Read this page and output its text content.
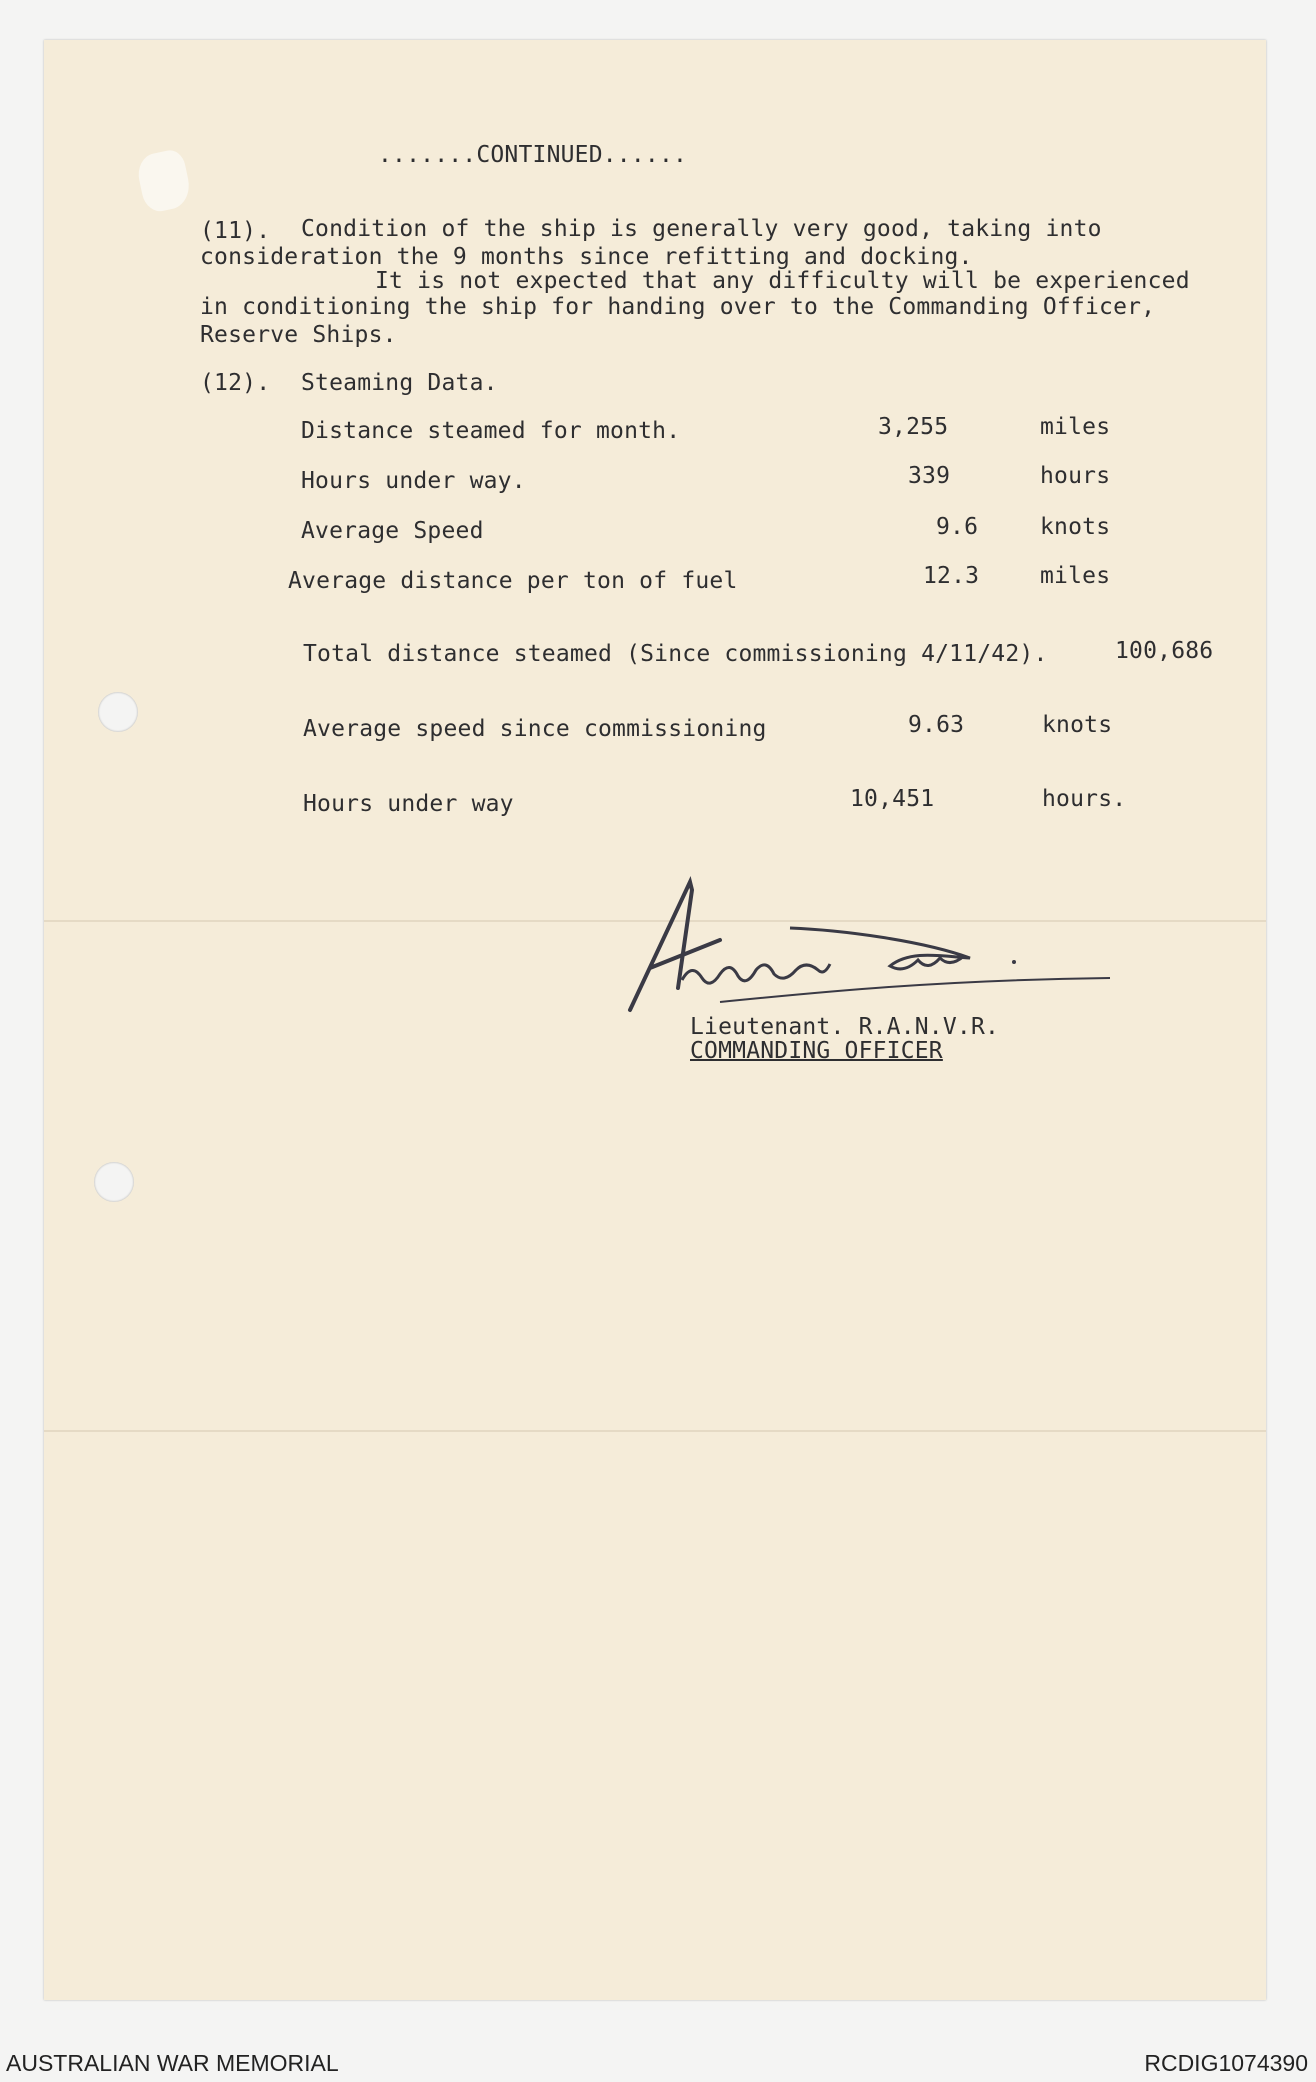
.......CONTINUED......
(11). Condition of the ship is generally very good, taking into
consideration the 9 months since refitting and docking.
It is not expected that any difficulty will be experienced
in conditioning the ship for handing over to the Commanding Officer,
Reserve Ships.
(12). Steaming Data.
Distance steamed for month.	3,255	miles
Hours under way.	339	hours
Average Speed	9.6	knots
Average distance per ton of fuel	12.3	miles
Total distance steamed (Since commissioning 4/11/42).	100,686
Average speed since commissioning	9.63	knots
Hours under way	10,451	hours.
Lieutenant. R.A.N.V.R.
COMMANDING OFFICER
AUSTRALIAN WAR MEMORIAL	RCDIG1074390
